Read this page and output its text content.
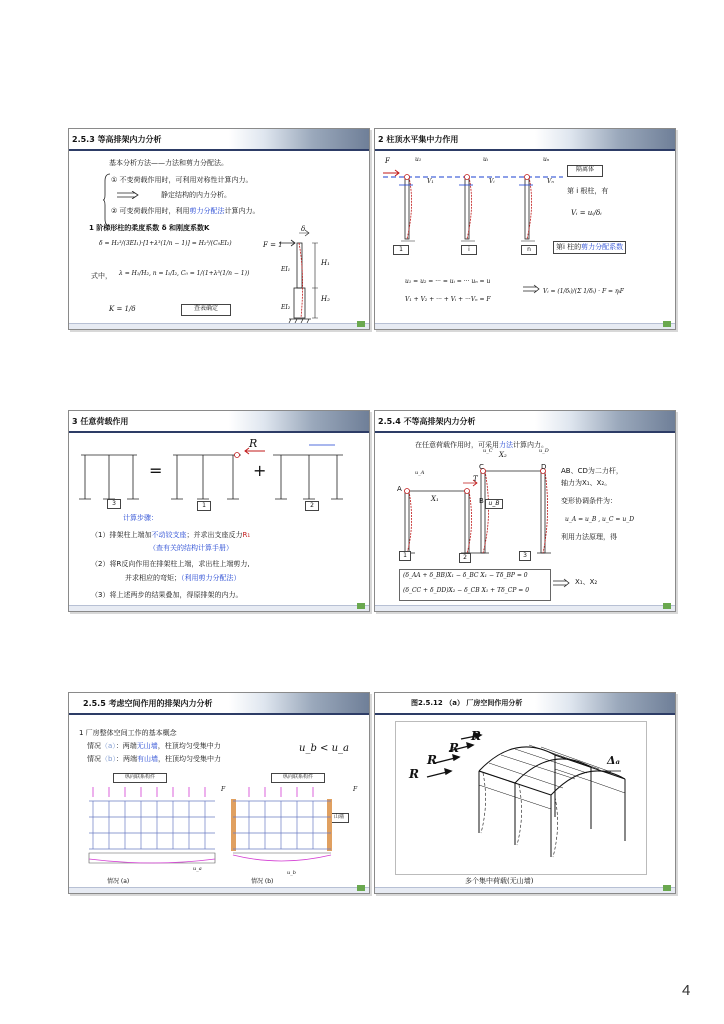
2.5.3 等高排架内力分析
基本分析方法——力法和剪力分配法。
① 不变荷载作用时，可利用对称性计算内力。
静定结构的内力分析。
② 可变荷载作用时，利用剪力分配法计算内力。
1 阶梯形柱的柔度系数 δ 和刚度系数K
δ = H₂³/(3EI₁)·[1+λ³(1/n − 1)] = H₂³/(C₀EI₂)	F = 1
式中， λ = H₁/H₂, n = I₁/I₂, C₀ = 1/(1+λ³(1/n − 1))
K = 1/δ	查表确定
H₁
H₂
EI₁
EI₂
δ
2 柱顶水平集中力作用
F	u₁	uᵢ	uₙ
V₁	Vᵢ	Vₙ
1	i	n
隔离体
第 i 根柱，有
Vᵢ = uᵢ/δᵢ
第i 柱的剪力分配系数
u₁ = u₂ = ··· = uᵢ = ··· uₙ = u
V₁ + V₂ + ··· + Vᵢ + ···Vₙ = F
Vᵢ = (1/δᵢ)/(Σ 1/δᵢ) · F = ηᵢF
3 任意荷载作用
R
=	+
3	1	2
计算步骤：
（1）排架柱上端加不动铰支座；并求出支座反力R₁
（查有关的结构计算手册）
（2）将R反向作用在排架柱上端，求出柱上端剪力,
并求相应的弯矩；（利用剪力分配法）
（3）将上述两步的结果叠加，得原排架的内力。
2.5.4 不等高排架内力分析
在任意荷载作用时，可采用力法计算内力。
A
B
C	D
T
X₁
X₂
u_C	u_D
u_A
u_B
1	2	3
AB、CD为二力杆，
轴力为X₁、X₂。
变形协调条件为：
u_A = u_B , u_C = u_D
利用力法原理，得
(δ_AA + δ_BB)X₁ − δ_BC X₁ − Tδ_BP = 0
(δ_CC + δ_DD)X₂ − δ_CB X₁ + Tδ_CP = 0
X₁、X₂
2.5.5 考虑空间作用的排架内力分析
1 厂房整体空间工作的基本概念
情况（a）：两端无山墙，柱顶均匀受集中力
情况（b）：两端有山墙，柱顶均匀受集中力
u_b < u_a
纵向联系构件	纵向联系构件
F	F
山墙
u_a
u_b
情况 (a)	情况 (b)
图2.5.12 （a） 厂房空间作用分析
R
R
R
R
Δₐ
多个集中荷载(无山墙)
4
